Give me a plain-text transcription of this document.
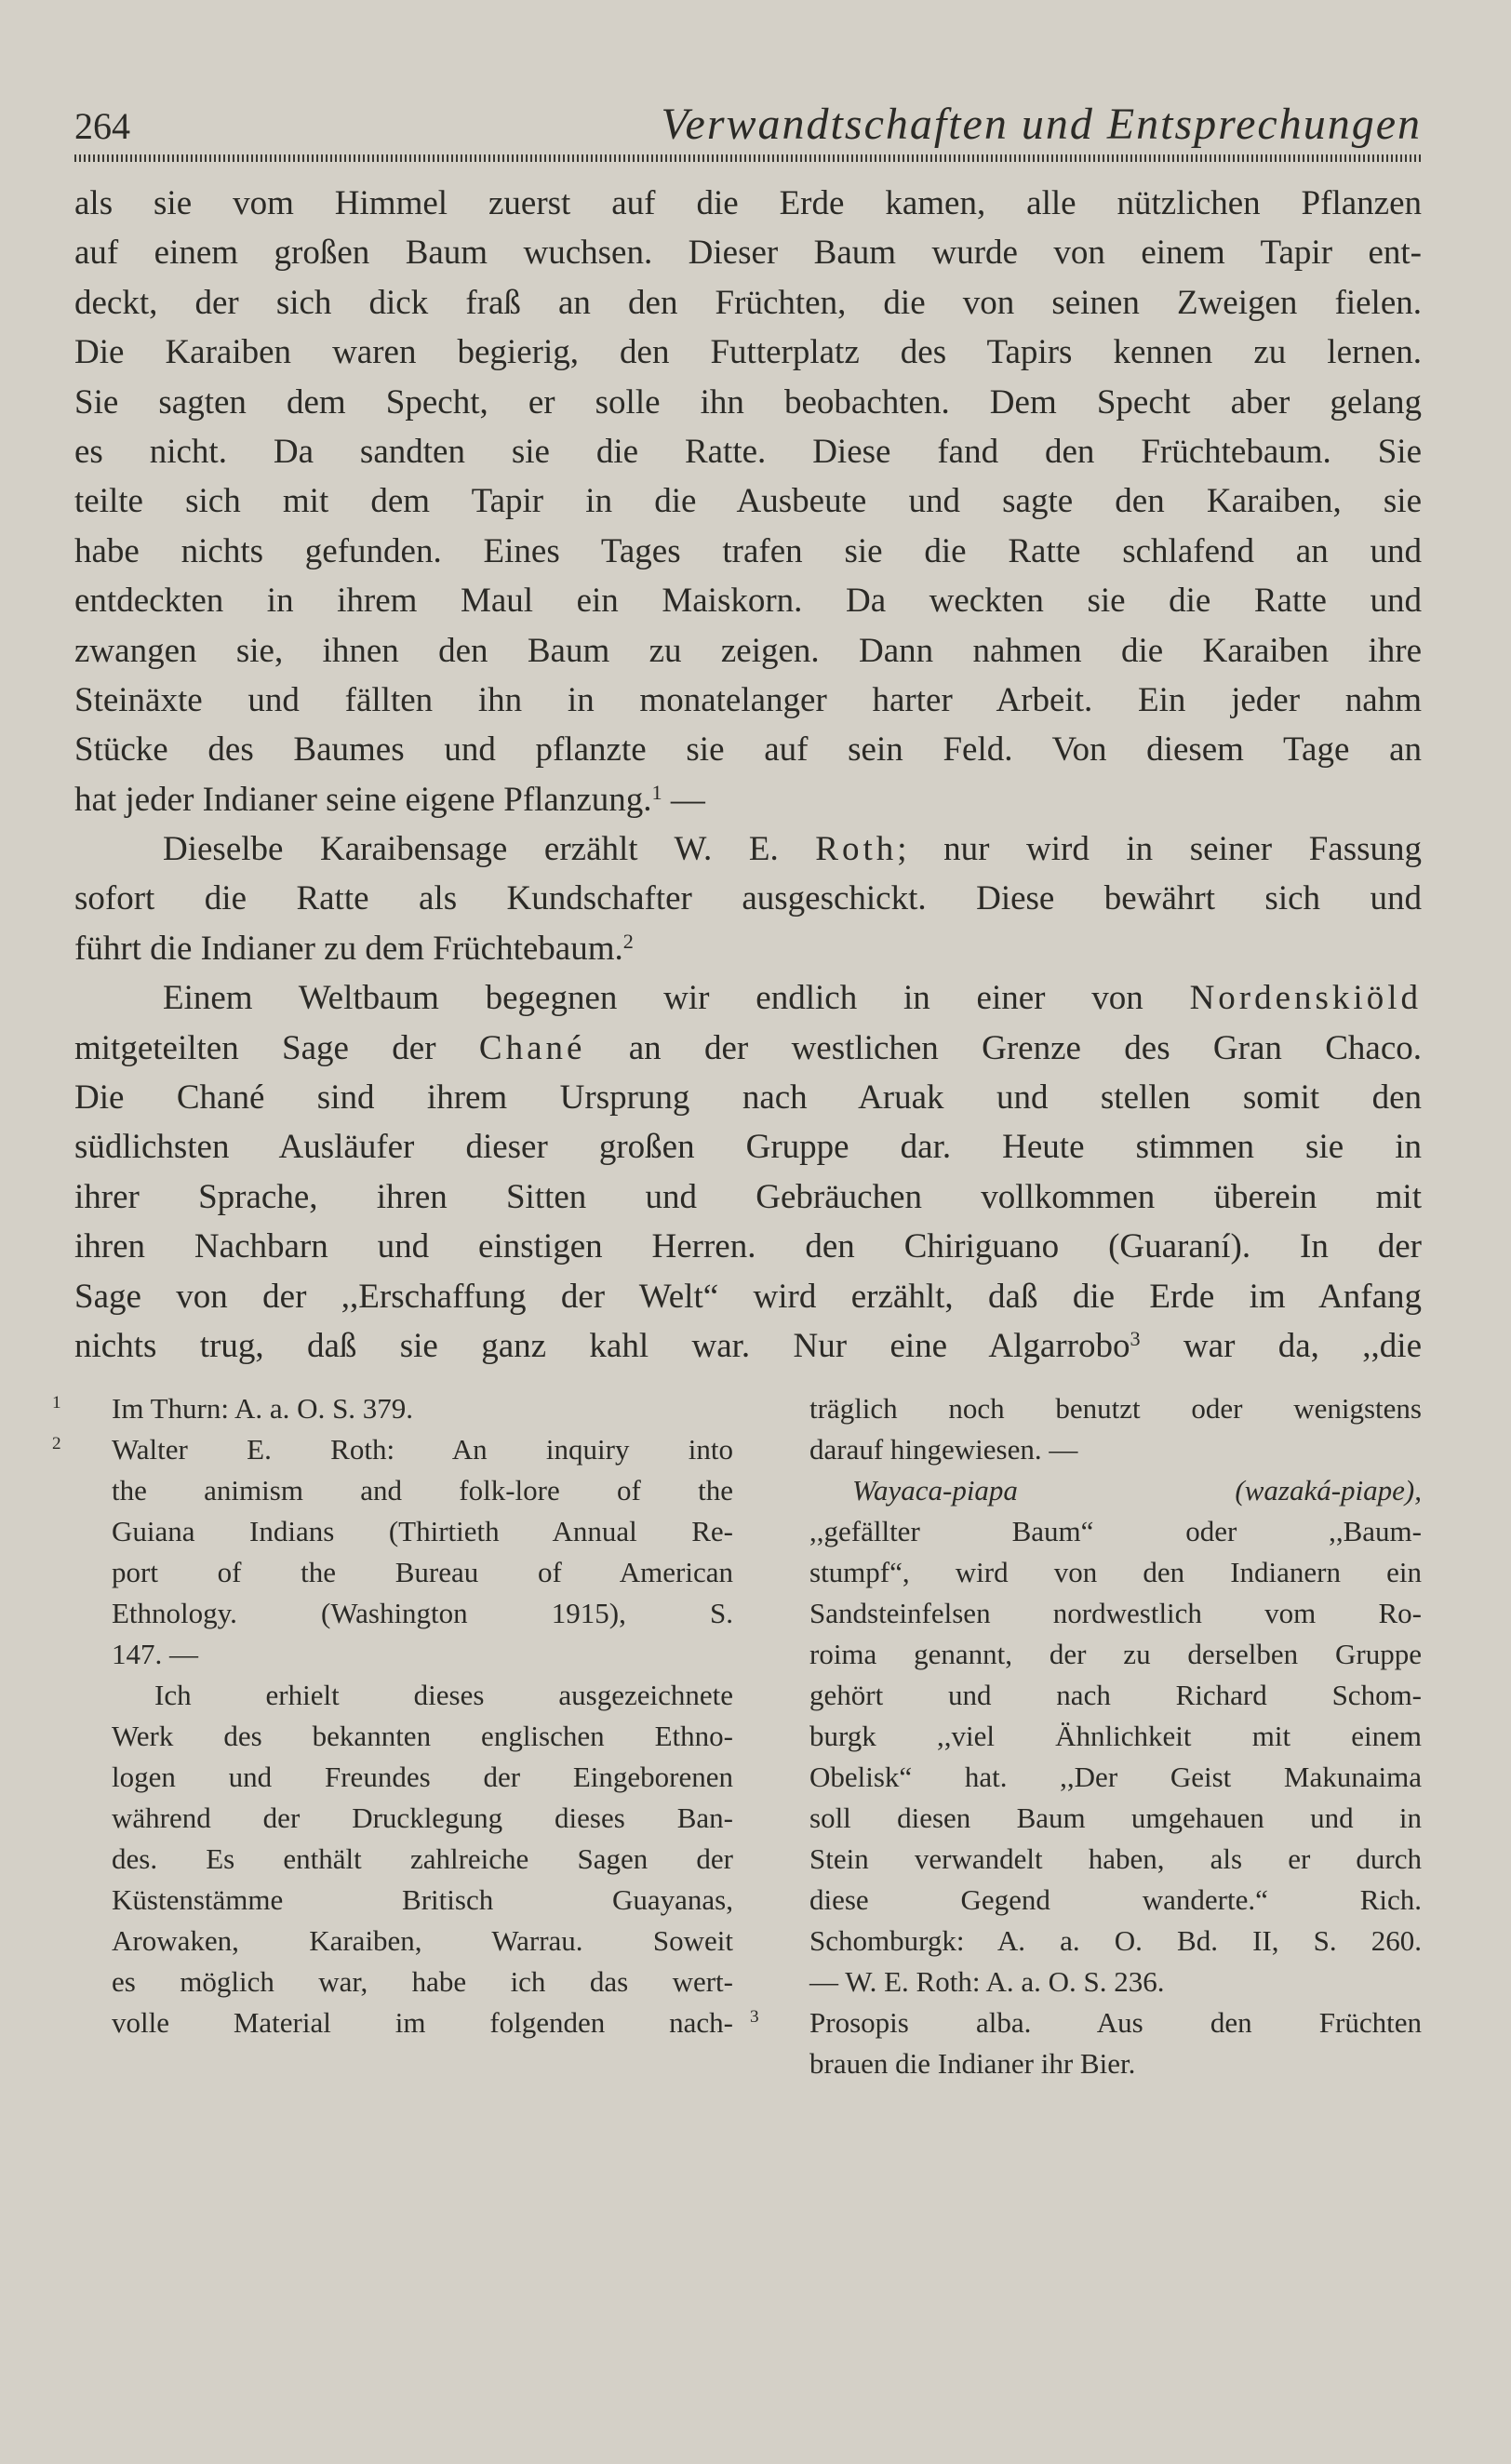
264	Verwandtschaften und Entsprechungen
als sie vom Himmel zuerst auf die Erde kamen, alle nützlichen Pflanzen
auf einem großen Baum wuchsen. Dieser Baum wurde von einem Tapir ent-
deckt, der sich dick fraß an den Früchten, die von seinen Zweigen fielen.
Die Karaiben waren begierig, den Futterplatz des Tapirs kennen zu lernen.
Sie sagten dem Specht, er solle ihn beobachten. Dem Specht aber gelang
es nicht. Da sandten sie die Ratte. Diese fand den Früchtebaum. Sie
teilte sich mit dem Tapir in die Ausbeute und sagte den Karaiben, sie
habe nichts gefunden. Eines Tages trafen sie die Ratte schlafend an und
entdeckten in ihrem Maul ein Maiskorn. Da weckten sie die Ratte und
zwangen sie, ihnen den Baum zu zeigen. Dann nahmen die Karaiben ihre
Steinäxte und fällten ihn in monatelanger harter Arbeit. Ein jeder nahm
Stücke des Baumes und pflanzte sie auf sein Feld. Von diesem Tage an
hat jeder Indianer seine eigene Pflanzung.$^1$ —
Dieselbe Karaibensage erzählt W. E. Roth; nur wird in seiner Fassung
sofort die Ratte als Kundschafter ausgeschickt. Diese bewährt sich und
führt die Indianer zu dem Früchtebaum.$^2$
Einem Weltbaum begegnen wir endlich in einer von Nordenskiöld
mitgeteilten Sage der Chané an der westlichen Grenze des Gran Chaco.
Die Chané sind ihrem Ursprung nach Aruak und stellen somit den
südlichsten Ausläufer dieser großen Gruppe dar. Heute stimmen sie in
ihrer Sprache, ihren Sitten und Gebräuchen vollkommen überein mit
ihren Nachbarn und einstigen Herren. den Chiriguano (Guaraní). In der
Sage von der ,,Erschaffung der Welt“ wird erzählt, daß die Erde im Anfang
nichts trug, daß sie ganz kahl war. Nur eine Algarrobo$^3$ war da, ,,die
1 Im Thurn: A. a. O. S. 379.
2 Walter E. Roth: An inquiry into
the animism and folk-lore of the
Guiana Indians (Thirtieth Annual Re-
port of the Bureau of American
Ethnology. (Washington 1915), S.
147. —
Ich erhielt dieses ausgezeichnete
Werk des bekannten englischen Ethno-
logen und Freundes der Eingeborenen
während der Drucklegung dieses Ban-
des. Es enthält zahlreiche Sagen der
Küstenstämme Britisch Guayanas,
Arowaken, Karaiben, Warrau. Soweit
es möglich war, habe ich das wert-
volle Material im folgenden nach-
träglich noch benutzt oder wenigstens
darauf hingewiesen. —
Wayaca-piapa	(wazaká-piape),
,,gefällter Baum“ oder ,,Baum-
stumpf“, wird von den Indianern ein
Sandsteinfelsen nordwestlich vom Ro-
roima genannt, der zu derselben Gruppe
gehört und nach Richard Schom-
burgk ,,viel Ähnlichkeit mit einem
Obelisk“ hat. ,,Der Geist Makunaima
soll diesen Baum umgehauen und in
Stein verwandelt haben, als er durch
diese Gegend wanderte.“ Rich.
Schomburgk: A. a. O. Bd. II, S. 260.
— W. E. Roth: A. a. O. S. 236.
3 Prosopis alba. Aus den Früchten
brauen die Indianer ihr Bier.
